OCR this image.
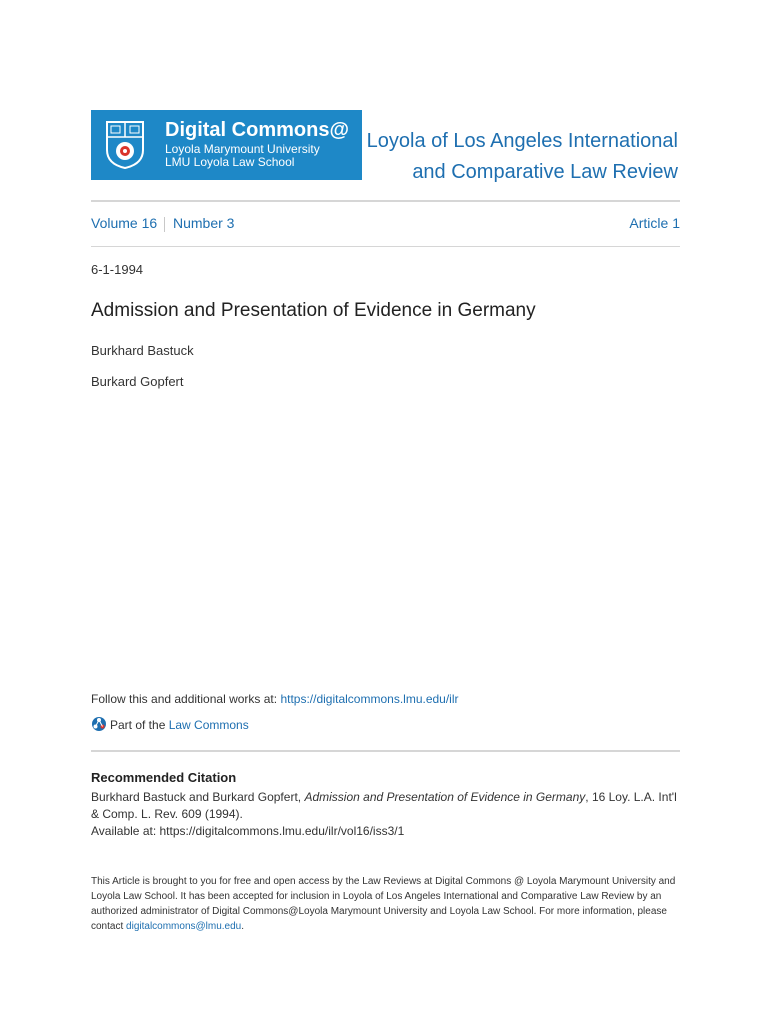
Digital Commons@
Loyola Marymount University
LMU Loyola Law School
Loyola of Los Angeles International
and Comparative Law Review
Volume 16 Number 3	Article 1
6-1-1994
Admission and Presentation of Evidence in Germany
Burkhard Bastuck
Burkard Gopfert
Follow this and additional works at: https://digitalcommons.lmu.edu/ilr
Part of the Law Commons
Recommended Citation
Burkhard Bastuck and Burkard Gopfert, Admission and Presentation of Evidence in Germany, 16 Loy. L.A. Int'l & Comp. L. Rev. 609 (1994).
Available at: https://digitalcommons.lmu.edu/ilr/vol16/iss3/1
This Article is brought to you for free and open access by the Law Reviews at Digital Commons @ Loyola Marymount University and Loyola Law School. It has been accepted for inclusion in Loyola of Los Angeles International and Comparative Law Review by an authorized administrator of Digital Commons@Loyola Marymount University and Loyola Law School. For more information, please contact digitalcommons@lmu.edu.
